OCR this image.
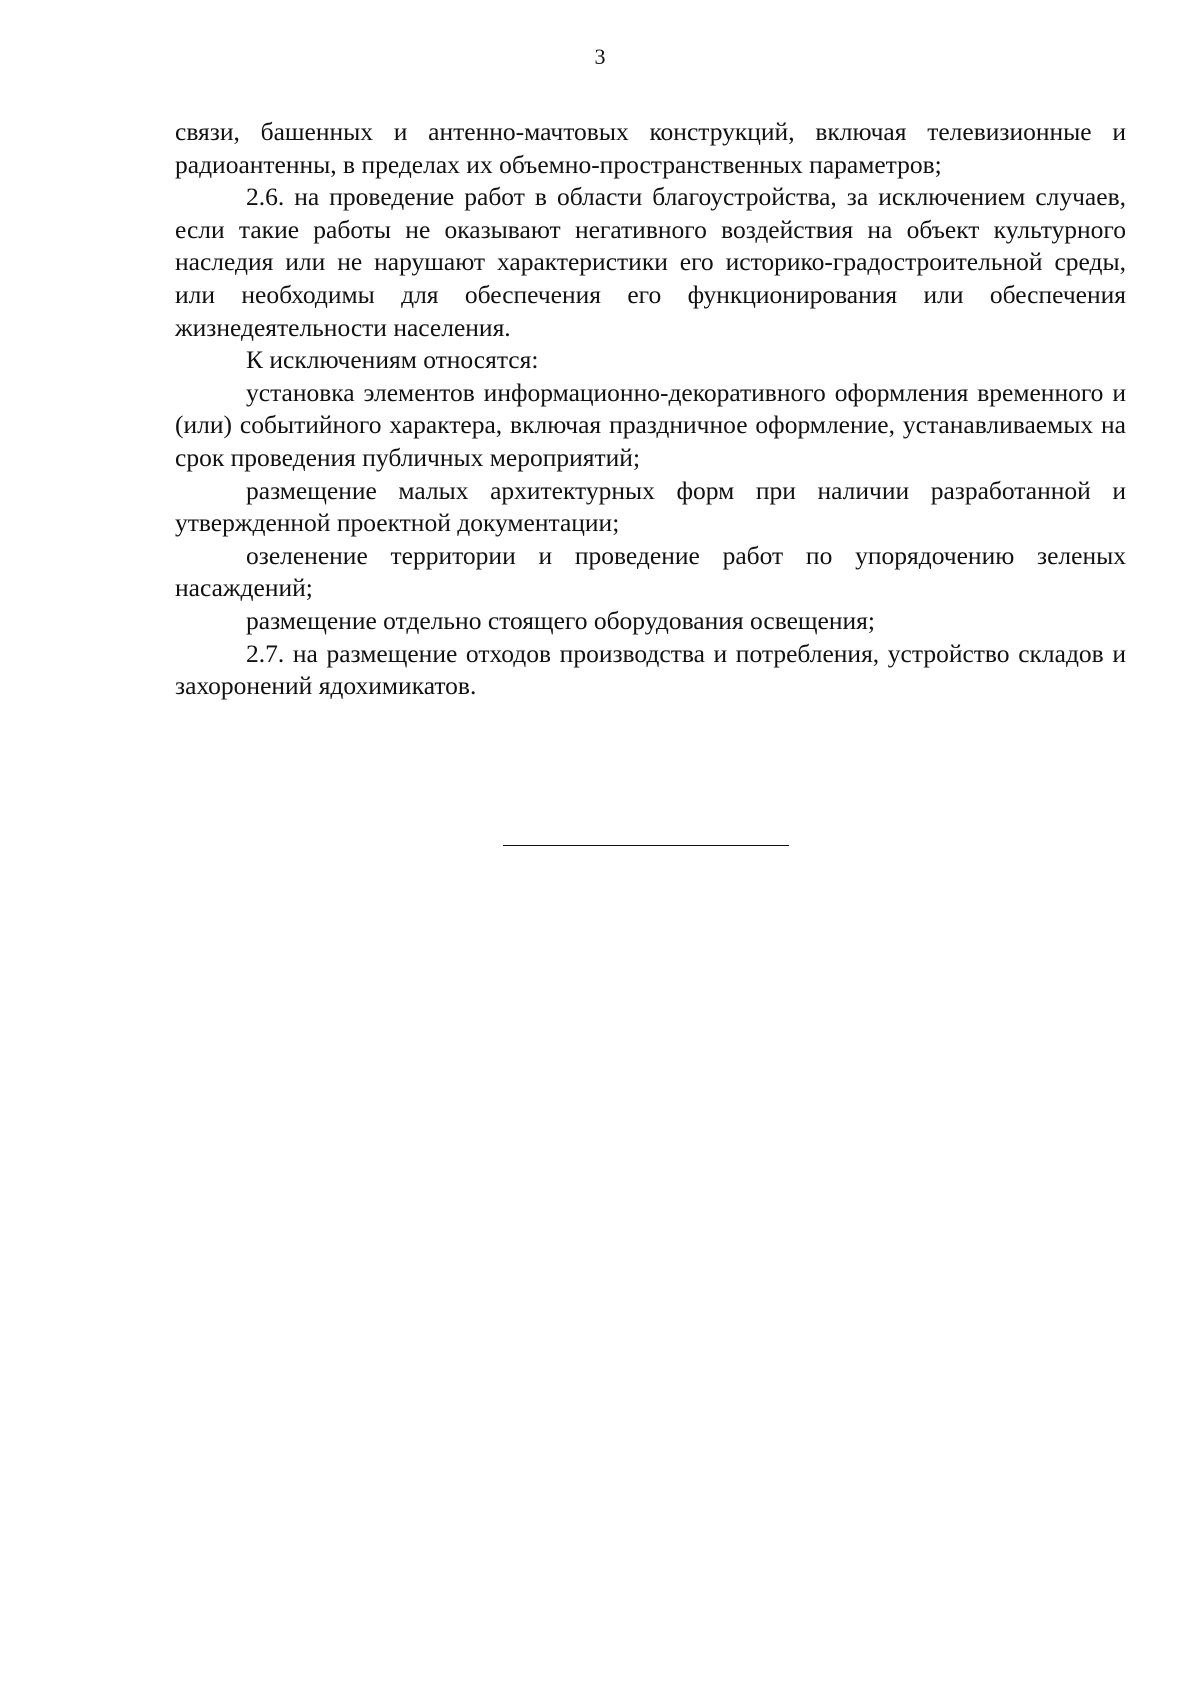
3

связи, башенных и антенно-мачтовых конструкций, включая телевизионные и радиоантенны, в пределах их объемно-пространственных параметров;

2.6. на проведение работ в области благоустройства, за исключением случаев, если такие работы не оказывают негативного воздействия на объект культурного наследия или не нарушают характеристики его историко-градостроительной среды, или необходимы для обеспечения его функционирования или обеспечения жизнедеятельности населения.

К исключениям относятся:

установка элементов информационно-декоративного оформления временного и (или) событийного характера, включая праздничное оформление, устанавливаемых на срок проведения публичных мероприятий;

размещение малых архитектурных форм при наличии разработанной и утвержденной проектной документации;

озеленение территории и проведение работ по упорядочению зеленых насаждений;

размещение отдельно стоящего оборудования освещения;

2.7. на размещение отходов производства и потребления, устройство складов и захоронений ядохимикатов.
